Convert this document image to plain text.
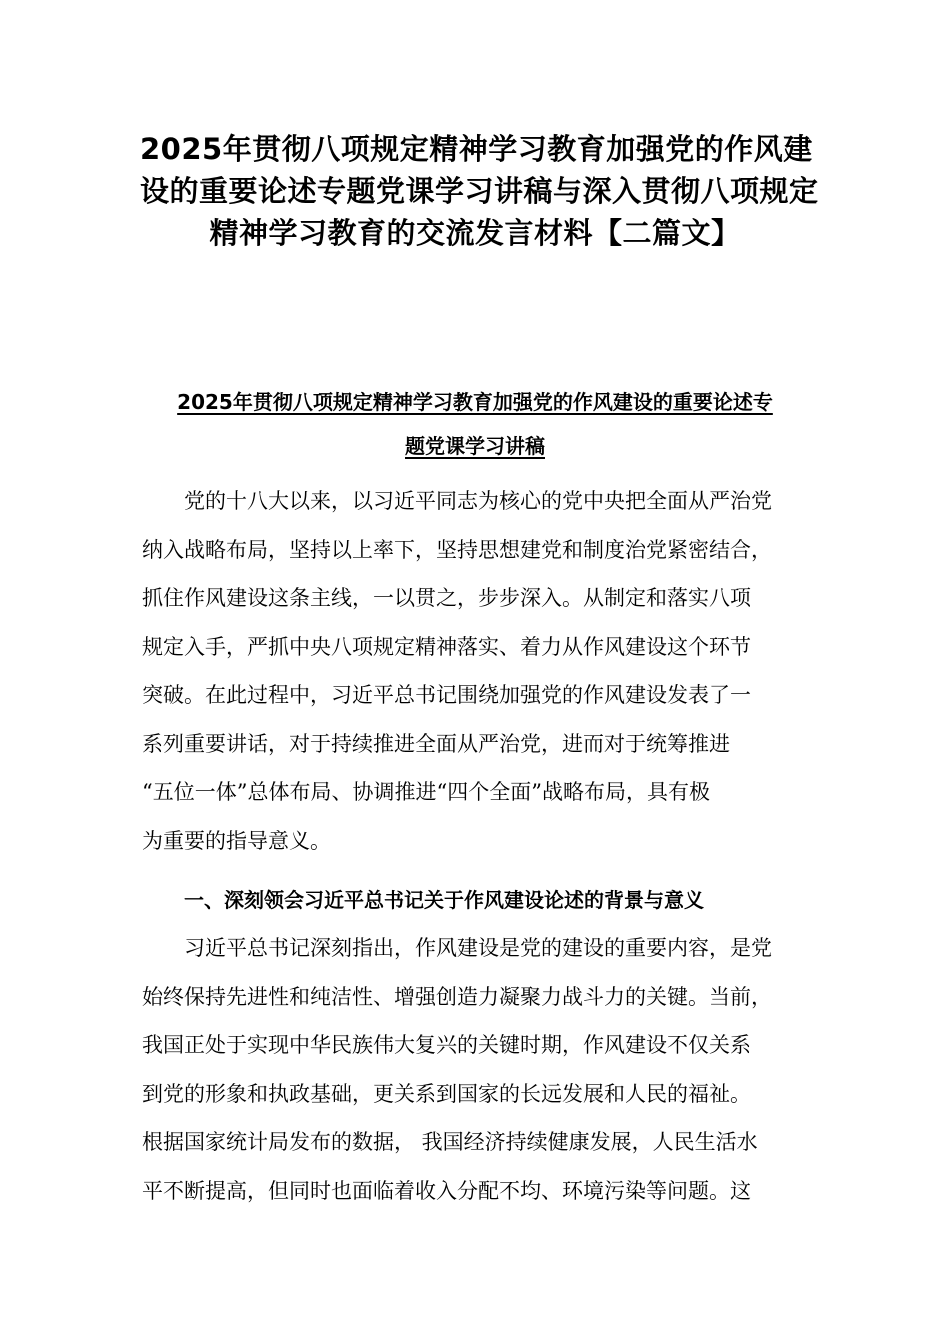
2025年贯彻八项规定精神学习教育加强党的作风建
设的重要论述专题党课学习讲稿与深入贯彻八项规定
精神学习教育的交流发言材料【二篇文】
2025年贯彻八项规定精神学习教育加强党的作风建设的重要论述专
题党课学习讲稿
党的十八大以来，以习近平同志为核心的党中央把全面从严治党
纳入战略布局，坚持以上率下，坚持思想建党和制度治党紧密结合，
抓住作风建设这条主线，一以贯之，步步深入。从制定和落实八项
规定入手，严抓中央八项规定精神落实、着力从作风建设这个环节
突破。在此过程中，习近平总书记围绕加强党的作风建设发表了一
系列重要讲话，对于持续推进全面从严治党，进而对于统筹推进
“五位一体”总体布局、协调推进“四个全面”战略布局，具有极
为重要的指导意义。
一、深刻领会习近平总书记关于作风建设论述的背景与意义
习近平总书记深刻指出，作风建设是党的建设的重要内容，是党
始终保持先进性和纯洁性、增强创造力凝聚力战斗力的关键。当前，
我国正处于实现中华民族伟大复兴的关键时期，作风建设不仅关系
到党的形象和执政基础，更关系到国家的长远发展和人民的福祉。
根据国家统计局发布的数据， 我国经济持续健康发展，人民生活水
平不断提高，但同时也面临着收入分配不均、环境污染等问题。这
